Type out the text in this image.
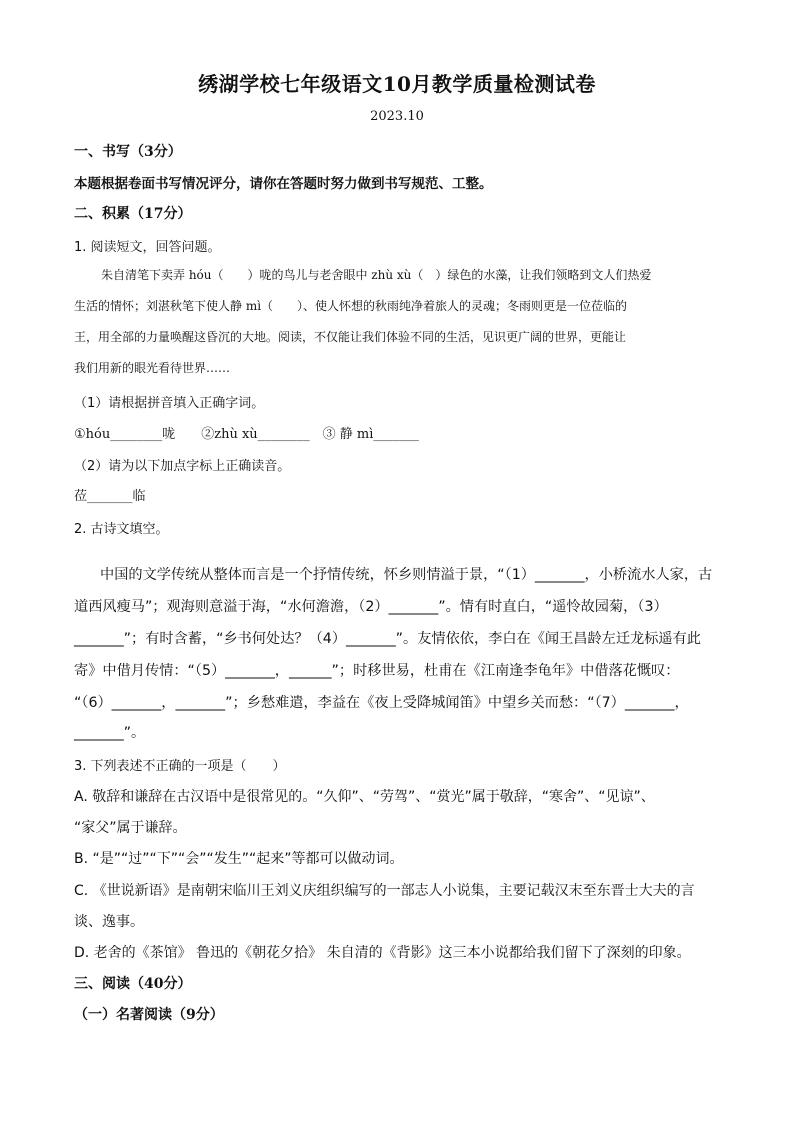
绣湖学校七年级语文10月教学质量检测试卷
2023.10
一、书写（3分）
本题根据卷面书写情况评分，请你在答题时努力做到书写规范、工整。
二、积累（17分）
1. 阅读短文，回答问题。
朱自清笔下卖弄 hóu（　　）咙的鸟儿与老舍眼中 zhù xù（　）绿色的水藻，让我们领略到文人们热爱
生活的情怀；刘湛秋笔下使人静 mì（　　）、使人怀想的秋雨纯净着旅人的灵魂；冬雨则更是一位莅临的
王，用全部的力量唤醒这昏沉的大地。阅读，不仅能让我们体验不同的生活，见识更广阔的世界，更能让
我们用新的眼光看待世界……
（1）请根据拼音填入正确字词。
①hóu________咙　　②zhù xù________　③ 静 mì_______
（2）请为以下加点字标上正确读音。
莅_______临
2. 古诗文填空。
中国的文学传统从整体而言是一个抒情传统，怀乡则情溢于景，“（1）_______，小桥流水人家，古
道西风瘦马”；观海则意溢于海，“水何澹澹，（2）_______”。情有时直白，“遥怜故园菊，（3）
_______”；有时含蓄，“乡书何处达？（4）_______”。友情依依，李白在《闻王昌龄左迁龙标遥有此
寄》中借月传情：“（5）_______，______”；时移世易，杜甫在《江南逢李龟年》中借落花慨叹：
“（6）_______，_______”；乡愁难遣，李益在《夜上受降城闻笛》中望乡关而愁：“（7）_______，
_______”。
3. 下列表述不正确的一项是（　　）
A. 敬辞和谦辞在古汉语中是很常见的。“久仰”、“劳驾”、“赏光”属于敬辞，“寒舍”、“见谅”、
“家父”属于谦辞。
B. “是”“过”“下”“会”“发生”“起来”等都可以做动词。
C. 《世说新语》是南朝宋临川王刘义庆组织编写的一部志人小说集，主要记载汉末至东晋士大夫的言
谈、逸事。
D. 老舍的《茶馆》 鲁迅的《朝花夕拾》 朱自清的《背影》这三本小说都给我们留下了深刻的印象。
三、阅读（40分）
（一）名著阅读（9分）
